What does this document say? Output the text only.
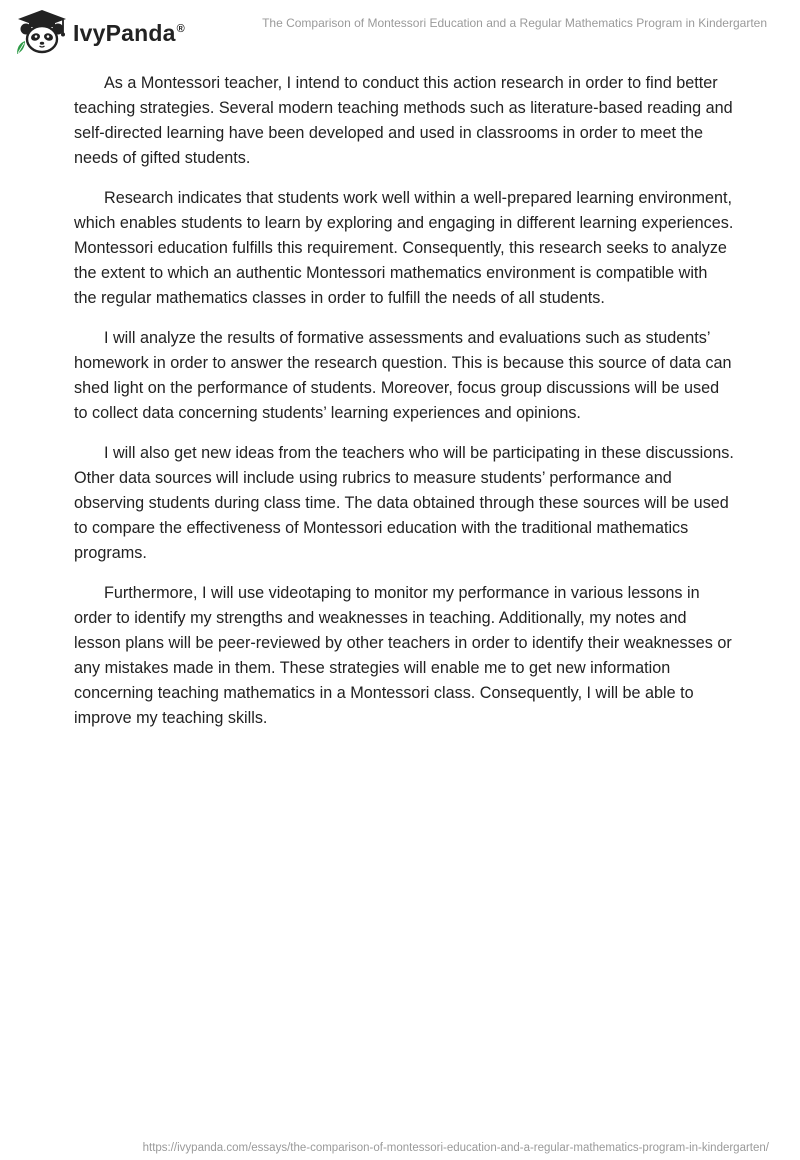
IvyPanda®	The Comparison of Montessori Education and a Regular Mathematics Program in Kindergarten

As a Montessori teacher, I intend to conduct this action research in order to find better teaching strategies. Several modern teaching methods such as literature-based reading and self-directed learning have been developed and used in classrooms in order to meet the needs of gifted students.

Research indicates that students work well within a well-prepared learning environment, which enables students to learn by exploring and engaging in different learning experiences. Montessori education fulfills this requirement. Consequently, this research seeks to analyze the extent to which an authentic Montessori mathematics environment is compatible with the regular mathematics classes in order to fulfill the needs of all students.

I will analyze the results of formative assessments and evaluations such as students’ homework in order to answer the research question. This is because this source of data can shed light on the performance of students. Moreover, focus group discussions will be used to collect data concerning students’ learning experiences and opinions.

I will also get new ideas from the teachers who will be participating in these discussions. Other data sources will include using rubrics to measure students’ performance and observing students during class time. The data obtained through these sources will be used to compare the effectiveness of Montessori education with the traditional mathematics programs.

Furthermore, I will use videotaping to monitor my performance in various lessons in order to identify my strengths and weaknesses in teaching. Additionally, my notes and lesson plans will be peer-reviewed by other teachers in order to identify their weaknesses or any mistakes made in them. These strategies will enable me to get new information concerning teaching mathematics in a Montessori class. Consequently, I will be able to improve my teaching skills.

https://ivypanda.com/essays/the-comparison-of-montessori-education-and-a-regular-mathematics-program-in-kindergarten/
